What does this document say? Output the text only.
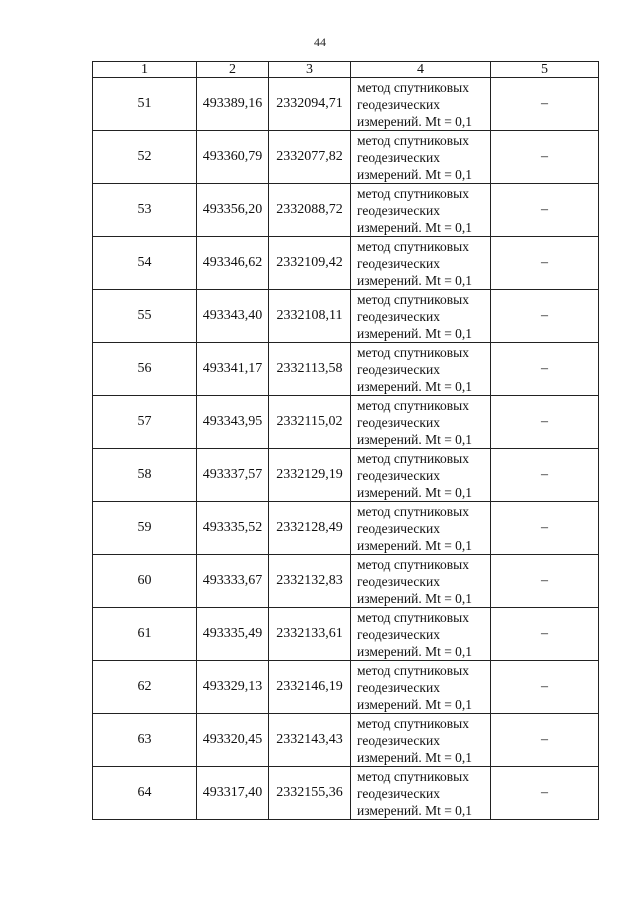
44
1	2	3	4	5
51	493389,16	2332094,71	метод спутниковых геодезических измерений. Mt = 0,1	–
52	493360,79	2332077,82	метод спутниковых геодезических измерений. Mt = 0,1	–
53	493356,20	2332088,72	метод спутниковых геодезических измерений. Mt = 0,1	–
54	493346,62	2332109,42	метод спутниковых геодезических измерений. Mt = 0,1	–
55	493343,40	2332108,11	метод спутниковых геодезических измерений. Mt = 0,1	–
56	493341,17	2332113,58	метод спутниковых геодезических измерений. Mt = 0,1	–
57	493343,95	2332115,02	метод спутниковых геодезических измерений. Mt = 0,1	–
58	493337,57	2332129,19	метод спутниковых геодезических измерений. Mt = 0,1	–
59	493335,52	2332128,49	метод спутниковых геодезических измерений. Mt = 0,1	–
60	493333,67	2332132,83	метод спутниковых геодезических измерений. Mt = 0,1	–
61	493335,49	2332133,61	метод спутниковых геодезических измерений. Mt = 0,1	–
62	493329,13	2332146,19	метод спутниковых геодезических измерений. Mt = 0,1	–
63	493320,45	2332143,43	метод спутниковых геодезических измерений. Mt = 0,1	–
64	493317,40	2332155,36	метод спутниковых геодезических измерений. Mt = 0,1	–
